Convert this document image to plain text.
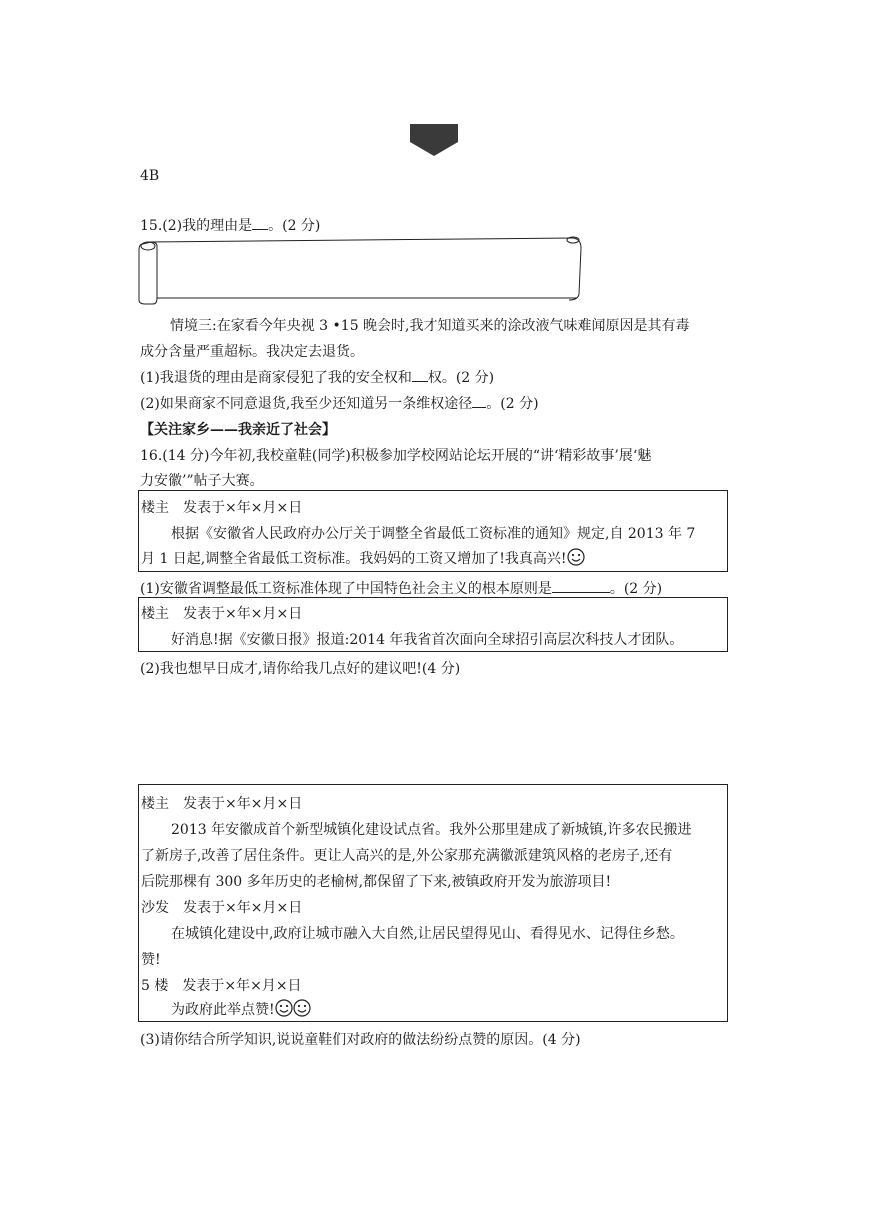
4B
15.(2)我的理由是 。(2 分)
情境三:在家看今年央视 3 •15 晚会时,我才知道买来的涂改液气味难闻原因是其有毒
成分含量严重超标。我决定去退货。
(1)我退货的理由是商家侵犯了我的安全权和 权。(2 分)
(2)如果商家不同意退货,我至少还知道另一条维权途径 。(2 分)
【关注家乡——我亲近了社会】
16.(14 分)今年初,我校童鞋(同学)积极参加学校网站论坛开展的“讲‘精彩故事’展‘魅
力安徽’”帖子大赛。
楼主　发表于×年×月×日
根据《安徽省人民政府办公厅关于调整全省最低工资标准的通知》规定,自 2013 年 7
月 1 日起,调整全省最低工资标准。我妈妈的工资又增加了!我真高兴!
(1)安徽省调整最低工资标准体现了中国特色社会主义的根本原则是	。(2 分)
楼主　发表于×年×月×日
好消息!据《安徽日报》报道:2014 年我省首次面向全球招引高层次科技人才团队。
(2)我也想早日成才,请你给我几点好的建议吧!(4 分)
楼主　发表于×年×月×日
2013 年安徽成首个新型城镇化建设试点省。我外公那里建成了新城镇,许多农民搬进
了新房子,改善了居住条件。更让人高兴的是,外公家那充满徽派建筑风格的老房子,还有
后院那棵有 300 多年历史的老榆树,都保留了下来,被镇政府开发为旅游项目!
沙发　发表于×年×月×日
在城镇化建设中,政府让城市融入大自然,让居民望得见山、看得见水、记得住乡愁。
赞!
5 楼　发表于×年×月×日
为政府此举点赞!
(3)请你结合所学知识,说说童鞋们对政府的做法纷纷点赞的原因。(4 分)
